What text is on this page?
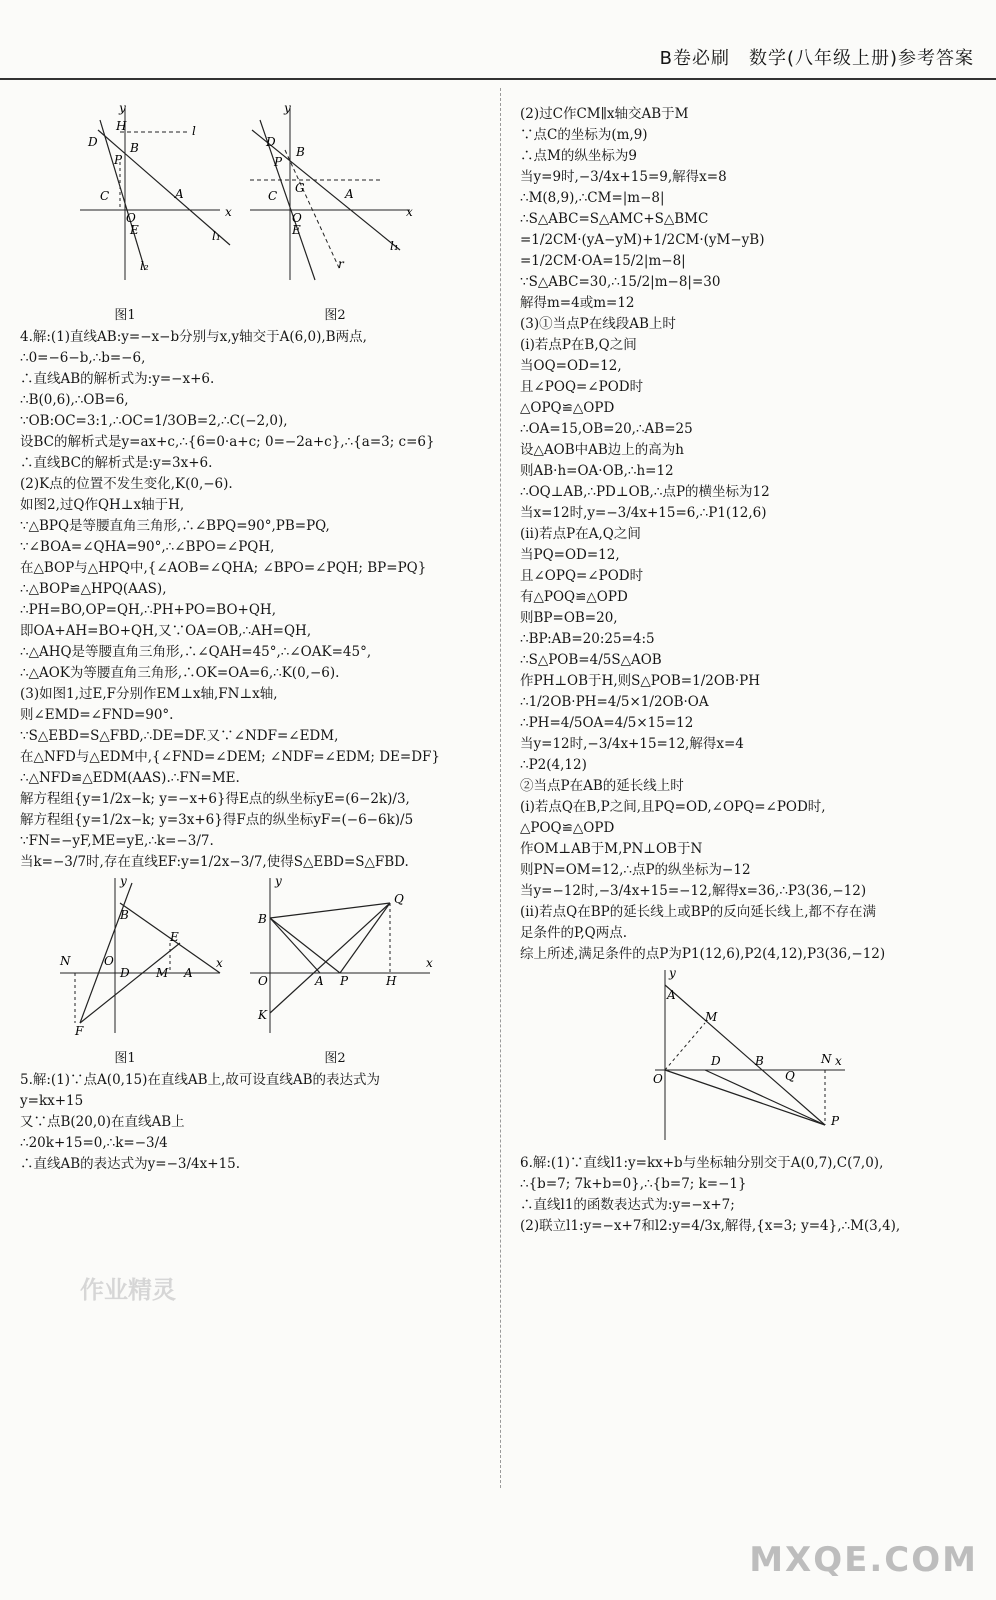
B卷必刷　数学(八年级上册)参考答案
y
x
H	l
D	B
P
C	A
O
E	l₁
l₂
图1
y
x
D
B
P
G
C	A
O
E
l₁
r
图2

4.解:(1)直线AB:y=−x−b分别与x,y轴交于A(6,0),B两点,

∴0=−6−b,∴b=−6,

∴直线AB的解析式为:y=−x+6.

∴B(0,6),∴OB=6,

∵OB:OC=3:1,∴OC=1/3OB=2,∴C(−2,0),

设BC的解析式是y=ax+c,∴{6=0·a+c; 0=−2a+c},∴{a=3; c=6}

∴直线BC的解析式是:y=3x+6.

(2)K点的位置不发生变化,K(0,−6).

如图2,过Q作QH⊥x轴于H,

∵△BPQ是等腰直角三角形,∴∠BPQ=90°,PB=PQ,

∵∠BOA=∠QHA=90°,∴∠BPO=∠PQH,

在△BOP与△HPQ中,{∠AOB=∠QHA; ∠BPO=∠PQH; BP=PQ}

∴△BOP≌△HPQ(AAS),

∴PH=BO,OP=QH,∴PH+PO=BO+QH,

即OA+AH=BO+QH,又∵OA=OB,∴AH=QH,

∴△AHQ是等腰直角三角形,∴∠QAH=45°,∴∠OAK=45°,

∴△AOK为等腰直角三角形,∴OK=OA=6,∴K(0,−6).

(3)如图1,过E,F分别作EM⊥x轴,FN⊥x轴,

则∠EMD=∠FND=90°.

∵S△EBD=S△FBD,∴DE=DF.又∵∠NDF=∠EDM,

在△NFD与△EDM中,{∠FND=∠DEM; ∠NDF=∠EDM; DE=DF}

∴△NFD≌△EDM(AAS).∴FN=ME.

解方程组{y=1/2x−k; y=−x+6}得E点的纵坐标yE=(6−2k)/3,

解方程组{y=1/2x−k; y=3x+6}得F点的纵坐标yF=(−6−6k)/5

∵FN=−yF,ME=yE,∴k=−3/7.

当k=−3/7时,存在直线EF:y=1/2x−3/7,使得S△EBD=S△FBD.

y
x
B
E
N	O
D M A
F
图1
y
x
Q
B
O	A P	H
K
图2

5.解:(1)∵点A(0,15)在直线AB上,故可设直线AB的表达式为

y=kx+15

又∵点B(20,0)在直线AB上

∴20k+15=0,∴k=−3/4

∴直线AB的表达式为y=−3/4x+15.

(2)过C作CM∥x轴交AB于M

∵点C的坐标为(m,9)

∴点M的纵坐标为9

当y=9时,−3/4x+15=9,解得x=8

∴M(8,9),∴CM=|m−8|

∴S△ABC=S△AMC+S△BMC

=1/2CM·(yA−yM)+1/2CM·(yM−yB)

=1/2CM·OA=15/2|m−8|

∵S△ABC=30,∴15/2|m−8|=30

解得m=4或m=12

(3)①当点P在线段AB上时

(ⅰ)若点P在B,Q之间

当OQ=OD=12,

且∠POQ=∠POD时

△OPQ≌△OPD

∴OA=15,OB=20,∴AB=25

设△AOB中AB边上的高为h

则AB·h=OA·OB,∴h=12

∴OQ⊥AB,∴PD⊥OB,∴点P的横坐标为12

当x=12时,y=−3/4x+15=6,∴P1(12,6)

(ⅱ)若点P在A,Q之间

当PQ=OD=12,

且∠OPQ=∠POD时

有△POQ≌△OPD

则BP=OB=20,

∴BP:AB=20:25=4:5

∴S△POB=4/5S△AOB

作PH⊥OB于H,则S△POB=1/2OB·PH

∴1/2OB·PH=4/5×1/2OB·OA

∴PH=4/5OA=4/5×15=12

当y=12时,−3/4x+15=12,解得x=4

∴P2(4,12)

②当点P在AB的延长线上时

(ⅰ)若点Q在B,P之间,且PQ=OD,∠OPQ=∠POD时,

△POQ≌△OPD

作OM⊥AB于M,PN⊥OB于N

则PN=OM=12,∴点P的纵坐标为−12

当y=−12时,−3/4x+15=−12,解得x=36,∴P3(36,−12)

(ⅱ)若点Q在BP的延长线上或BP的反向延长线上,都不存在满

足条件的P,Q两点.

综上所述,满足条件的点P为P1(12,6),P2(4,12),P3(36,−12)

y
x
A
M
O
D	B
Q
N
P

6.解:(1)∵直线l1:y=kx+b与坐标轴分别交于A(0,7),C(7,0),

∴{b=7; 7k+b=0},∴{b=7; k=−1}

∴直线l1的函数表达式为:y=−x+7;

(2)联立l1:y=−x+7和l2:y=4/3x,解得,{x=3; y=4},∴M(3,4),

作业精灵
MXQE.COM
